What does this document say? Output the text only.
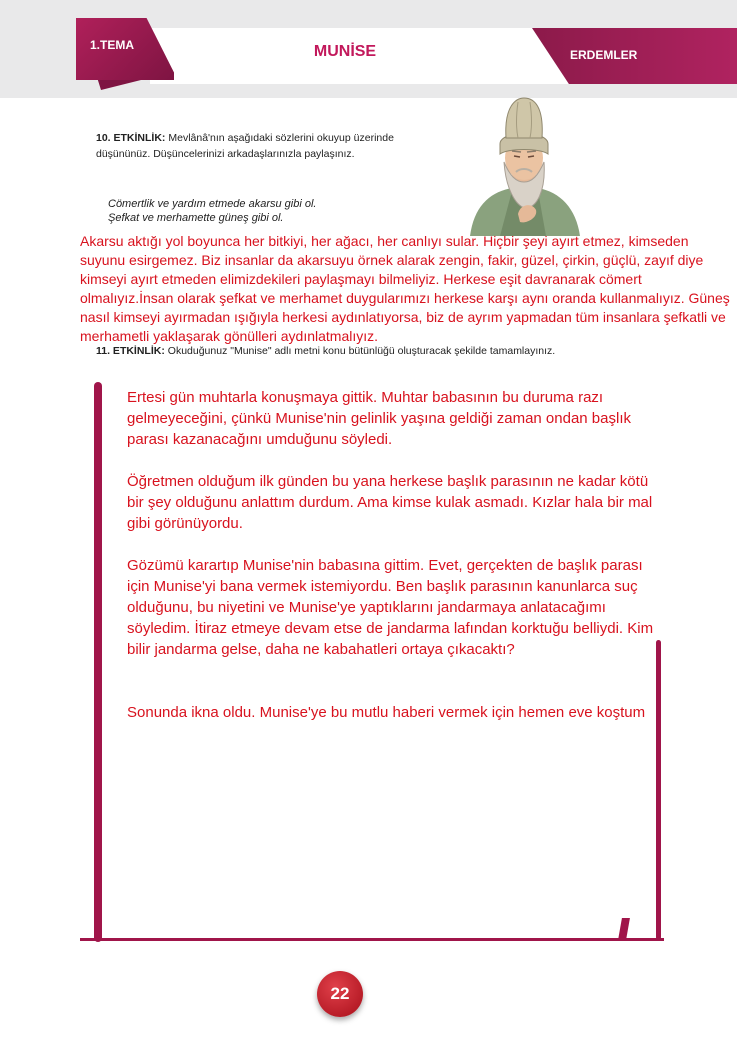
1.TEMA	MUNİSE	ERDEMLER
10. ETKİNLİK: Mevlânâ'nın aşağıdaki sözlerini okuyup üzerinde düşününüz. Düşüncelerinizi arkadaşlarınızla paylaşınız.
Cömertlik ve yardım etmede akarsu gibi ol.
Şefkat ve merhamette güneş gibi ol.

Akarsu aktığı yol boyunca her bitkiyi, her ağacı, her canlıyı sular. Hiçbir şeyi ayırt etmez, kimseden suyunu esirgemez. Biz insanlar da akarsuyu örnek alarak zengin, fakir, güzel, çirkin, güçlü, zayıf diye kimseyi ayırt etmeden elimizdekileri paylaşmayı bilmeliyiz. Herkese eşit davranarak cömert olmalıyız.İnsan olarak şefkat ve merhamet duygularımızı herkese karşı aynı oranda kullanmalıyız. Güneş nasıl kimseyi ayırmadan ışığıyla herkesi aydınlatıyorsa, biz de ayrım yapmadan tüm insanlara şefkatli ve merhametli yaklaşarak gönülleri aydınlatmalıyız.

11. ETKİNLİK: Okuduğunuz "Munise" adlı metni konu bütünlüğü oluşturacak şekilde tamamlayınız.

Ertesi gün muhtarla konuşmaya gittik. Muhtar babasının bu duruma razı gelmeyeceğini, çünkü Munise'nin gelinlik yaşına geldiği zaman ondan başlık parası kazanacağını umduğunu söyledi.

Öğretmen olduğum ilk günden bu yana herkese başlık parasının ne kadar kötü bir şey olduğunu anlattım durdum. Ama kimse kulak asmadı. Kızlar hala bir mal gibi görünüyordu.

Gözümü karartıp Munise'nin babasına gittim. Evet, gerçekten de başlık parası için Munise'yi bana vermek istemiyordu. Ben başlık parasının kanunlarca suç olduğunu, bu niyetini ve Munise'ye yaptıklarını jandarmaya anlatacağımı söyledim. İtiraz etmeye devam etse de jandarma lafından korktuğu belliydi. Kim bilir jandarma gelse, daha ne kabahatleri ortaya çıkacaktı?

Sonunda ikna oldu. Munise'ye bu mutlu haberi vermek için hemen eve koştum

22
